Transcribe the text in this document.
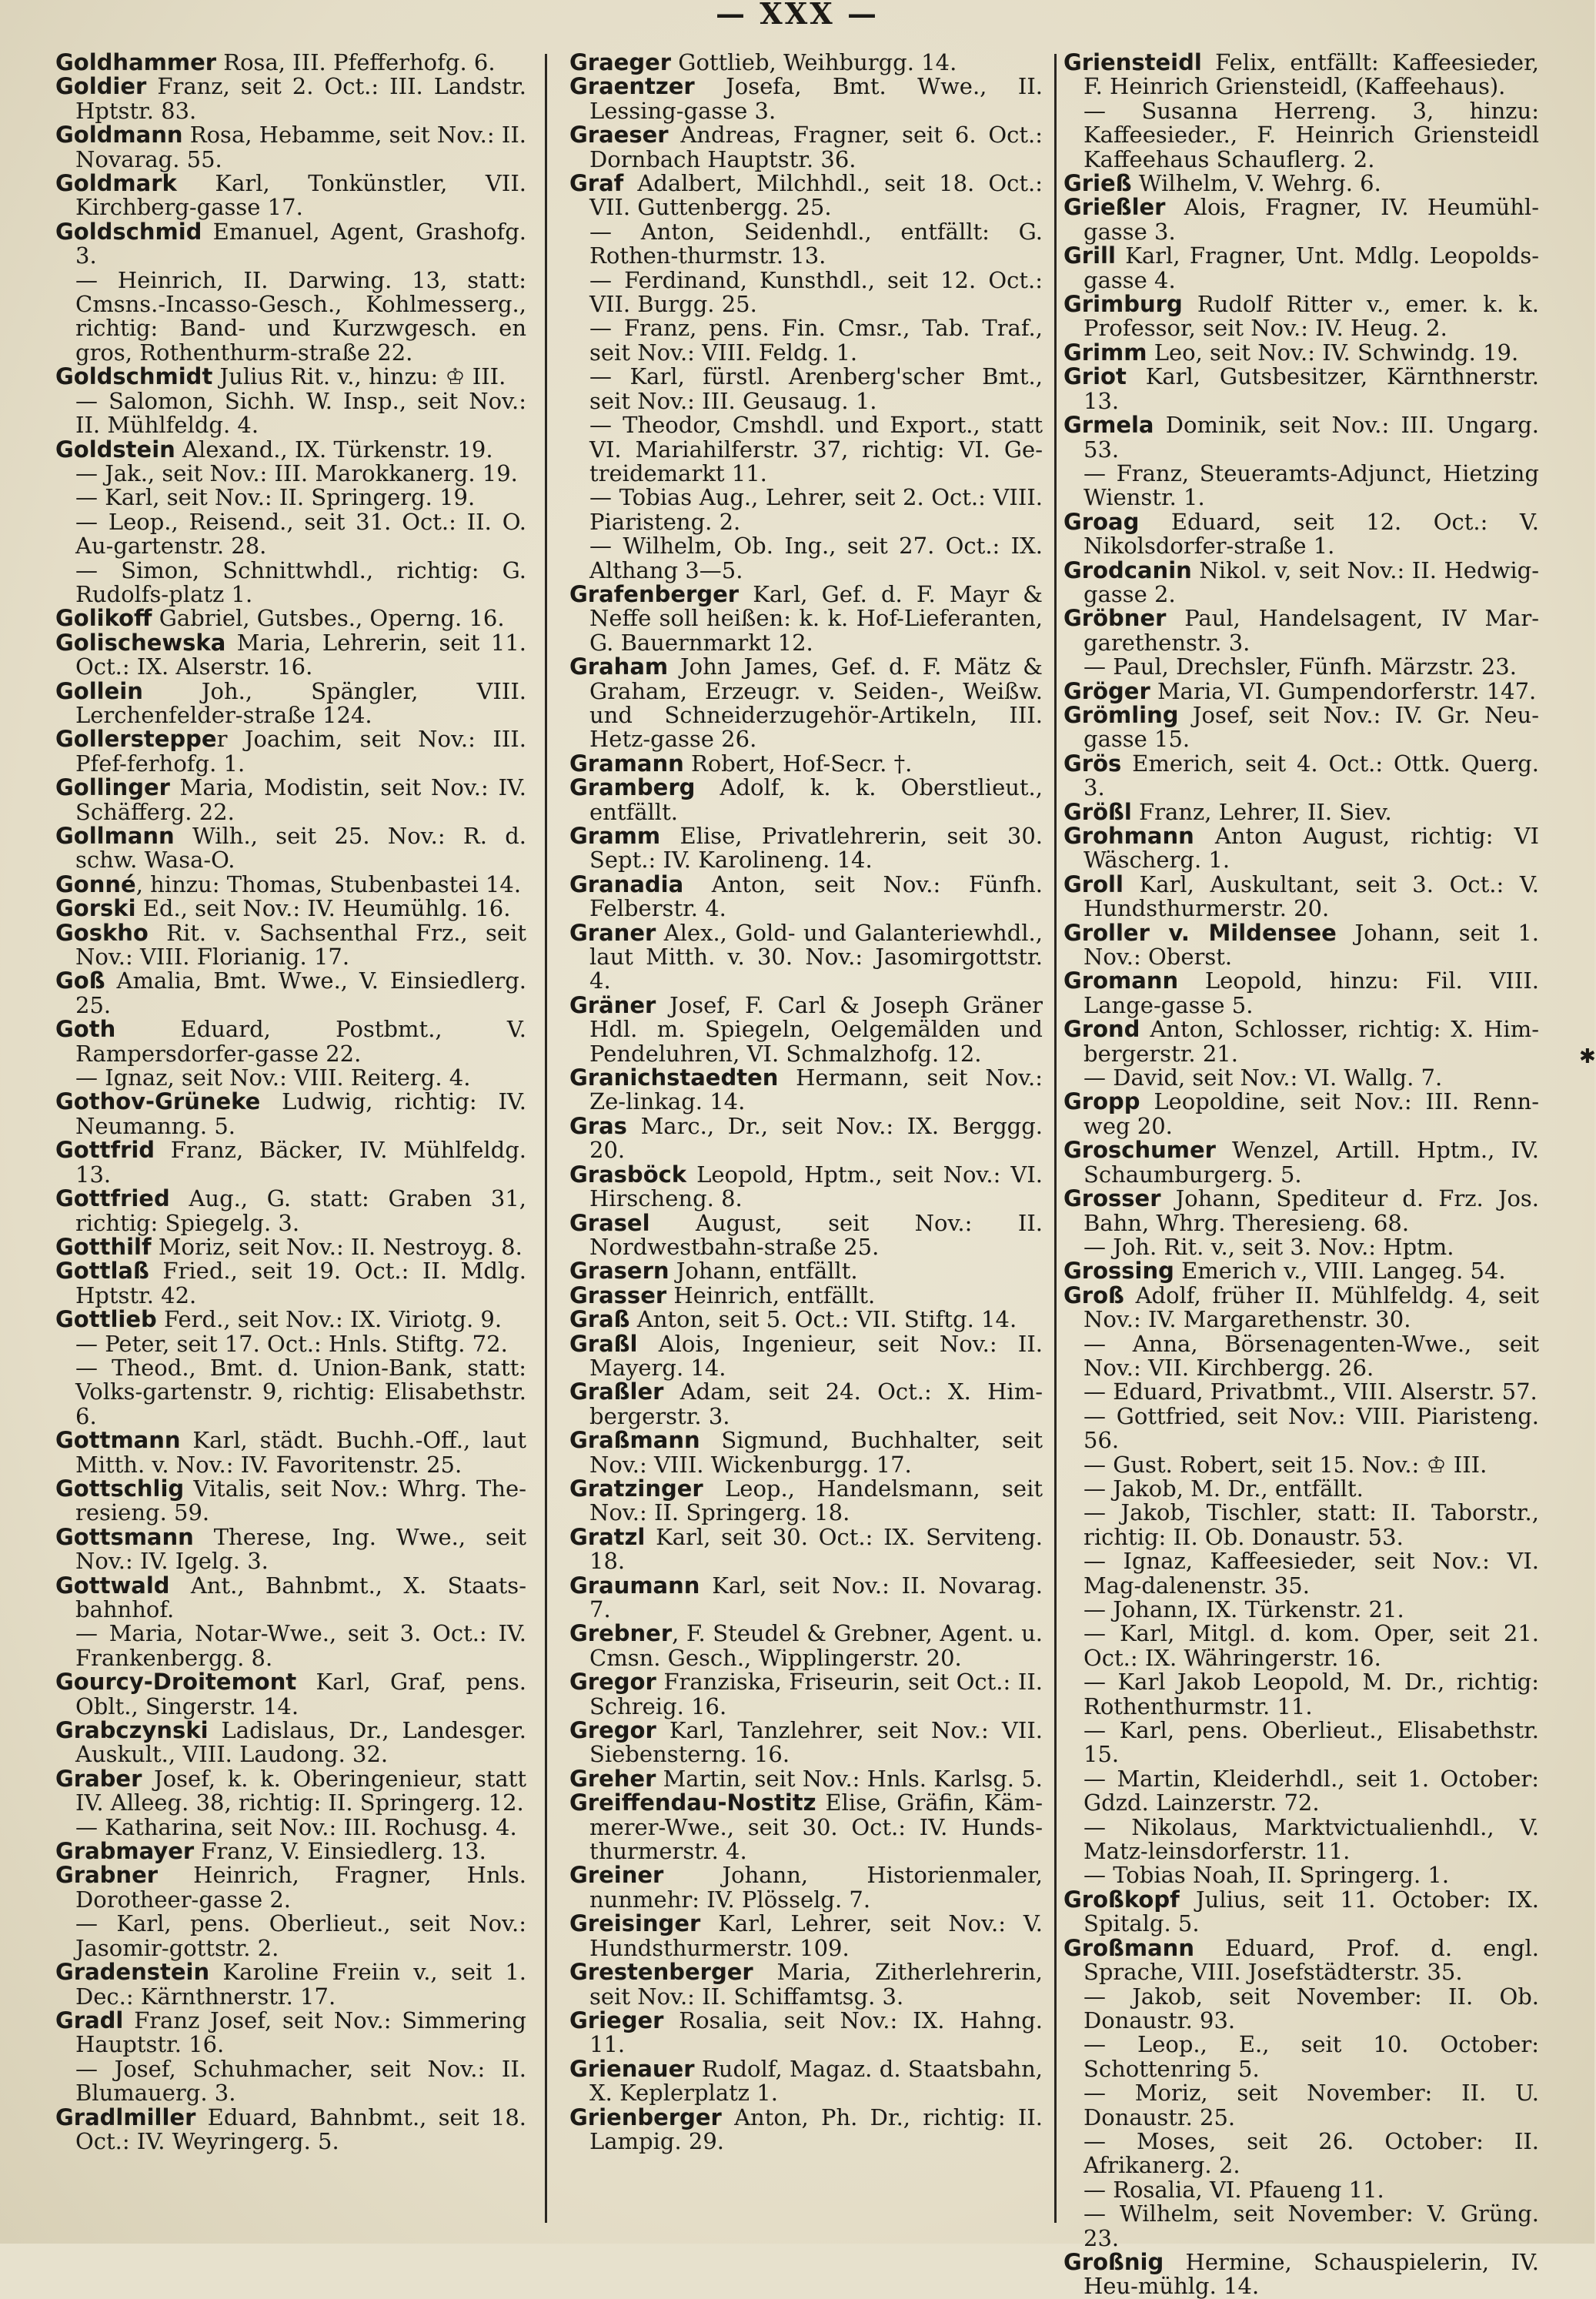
— XXX —

Goldhammer Rosa, III. Pfefferhofg. 6.

Goldier Franz, seit 2. Oct.: III. Landstr. Hptstr. 83.

Goldmann Rosa, Hebamme, seit Nov.: II. Novarag. 55.

Goldmark Karl, Tonkünstler, VII. Kirchberg-gasse 17.

Goldschmid Emanuel, Agent, Grashofg. 3.

— Heinrich, II. Darwing. 13, statt: Cmsns.-Incasso-Gesch., Kohlmesserg., richtig: Band- und Kurzwgesch. en gros, Rothenthurm-straße 22.

Goldschmidt Julius Rit. v., hinzu: ♔ III.

— Salomon, Sichh. W. Insp., seit Nov.: II. Mühlfeldg. 4.

Goldstein Alexand., IX. Türkenstr. 19.

— Jak., seit Nov.: III. Marokkanerg. 19.

— Karl, seit Nov.: II. Springerg. 19.

— Leop., Reisend., seit 31. Oct.: II. O. Au-gartenstr. 28.

— Simon, Schnittwhdl., richtig: G. Rudolfs-platz 1.

Golikoff Gabriel, Gutsbes., Operng. 16.

Golischewska Maria, Lehrerin, seit 11. Oct.: IX. Alserstr. 16.

Gollein Joh., Spängler, VIII. Lerchenfelder-straße 124.

Gollerstepper Joachim, seit Nov.: III. Pfef-ferhofg. 1.

Gollinger Maria, Modistin, seit Nov.: IV. Schäfferg. 22.

Gollmann Wilh., seit 25. Nov.: R. d. schw. Wasa-O.

Gonné, hinzu: Thomas, Stubenbastei 14.

Gorski Ed., seit Nov.: IV. Heumühlg. 16.

Goskho Rit. v. Sachsenthal Frz., seit Nov.: VIII. Florianig. 17.

Goß Amalia, Bmt. Wwe., V. Einsiedlerg. 25.

Goth Eduard, Postbmt., V. Rampersdorfer-gasse 22.

— Ignaz, seit Nov.: VIII. Reiterg. 4.

Gothov-Grüneke Ludwig, richtig: IV. Neumanng. 5.

Gottfrid Franz, Bäcker, IV. Mühlfeldg. 13.

Gottfried Aug., G. statt: Graben 31, richtig: Spiegelg. 3.

Gotthilf Moriz, seit Nov.: II. Nestroyg. 8.

Gottlaß Fried., seit 19. Oct.: II. Mdlg. Hptstr. 42.

Gottlieb Ferd., seit Nov.: IX. Viriotg. 9.

— Peter, seit 17. Oct.: Hnls. Stiftg. 72.

— Theod., Bmt. d. Union-Bank, statt: Volks-gartenstr. 9, richtig: Elisabethstr. 6.

Gottmann Karl, städt. Buchh.-Off., laut Mitth. v. Nov.: IV. Favoritenstr. 25.

Gottschlig Vitalis, seit Nov.: Whrg. The-resieng. 59.

Gottsmann Therese, Ing. Wwe., seit Nov.: IV. Igelg. 3.

Gottwald Ant., Bahnbmt., X. Staats-bahnhof.

— Maria, Notar-Wwe., seit 3. Oct.: IV. Frankenbergg. 8.

Gourcy-Droitemont Karl, Graf, pens. Oblt., Singerstr. 14.

Grabczynski Ladislaus, Dr., Landesger. Auskult., VIII. Laudong. 32.

Graber Josef, k. k. Oberingenieur, statt IV. Alleeg. 38, richtig: II. Springerg. 12.

— Katharina, seit Nov.: III. Rochusg. 4.

Grabmayer Franz, V. Einsiedlerg. 13.

Grabner Heinrich, Fragner, Hnls. Dorotheer-gasse 2.

— Karl, pens. Oberlieut., seit Nov.: Jasomir-gottstr. 2.

Gradenstein Karoline Freiin v., seit 1. Dec.: Kärnthnerstr. 17.

Gradl Franz Josef, seit Nov.: Simmering Hauptstr. 16.

— Josef, Schuhmacher, seit Nov.: II. Blumauerg. 3.

Gradlmiller Eduard, Bahnbmt., seit 18. Oct.: IV. Weyringerg. 5.

Graeger Gottlieb, Weihburgg. 14.

Graentzer Josefa, Bmt. Wwe., II. Lessing-gasse 3.

Graeser Andreas, Fragner, seit 6. Oct.: Dornbach Hauptstr. 36.

Graf Adalbert, Milchhdl., seit 18. Oct.: VII. Guttenbergg. 25.

— Anton, Seidenhdl., entfällt: G. Rothen-thurmstr. 13.

— Ferdinand, Kunsthdl., seit 12. Oct.: VII. Burgg. 25.

— Franz, pens. Fin. Cmsr., Tab. Traf., seit Nov.: VIII. Feldg. 1.

— Karl, fürstl. Arenberg'scher Bmt., seit Nov.: III. Geusaug. 1.

— Theodor, Cmshdl. und Export., statt VI. Mariahilferstr. 37, richtig: VI. Ge-treidemarkt 11.

— Tobias Aug., Lehrer, seit 2. Oct.: VIII. Piaristeng. 2.

— Wilhelm, Ob. Ing., seit 27. Oct.: IX. Althang 3—5.

Grafenberger Karl, Gef. d. F. Mayr & Neffe soll heißen: k. k. Hof-Lieferanten, G. Bauernmarkt 12.

Graham John James, Gef. d. F. Mätz & Graham, Erzeugr. v. Seiden-, Weißw. und Schneiderzugehör-Artikeln, III. Hetz-gasse 26.

Gramann Robert, Hof-Secr. †.

Gramberg Adolf, k. k. Oberstlieut., entfällt.

Gramm Elise, Privatlehrerin, seit 30. Sept.: IV. Karolineng. 14.

Granadia Anton, seit Nov.: Fünfh. Felberstr. 4.

Graner Alex., Gold- und Galanteriewhdl., laut Mitth. v. 30. Nov.: Jasomirgottstr. 4.

Gräner Josef, F. Carl & Joseph Gräner Hdl. m. Spiegeln, Oelgemälden und Pendeluhren, VI. Schmalzhofg. 12.

Granichstaedten Hermann, seit Nov.: Ze-linkag. 14.

Gras Marc., Dr., seit Nov.: IX. Berggg. 20.

Grasböck Leopold, Hptm., seit Nov.: VI. Hirscheng. 8.

Grasel August, seit Nov.: II. Nordwestbahn-straße 25.

Grasern Johann, entfällt.

Grasser Heinrich, entfällt.

Graß Anton, seit 5. Oct.: VII. Stiftg. 14.

Graßl Alois, Ingenieur, seit Nov.: II. Mayerg. 14.

Graßler Adam, seit 24. Oct.: X. Him-bergerstr. 3.

Graßmann Sigmund, Buchhalter, seit Nov.: VIII. Wickenburgg. 17.

Gratzinger Leop., Handelsmann, seit Nov.: II. Springerg. 18.

Gratzl Karl, seit 30. Oct.: IX. Serviteng. 18.

Graumann Karl, seit Nov.: II. Novarag. 7.

Grebner, F. Steudel & Grebner, Agent. u. Cmsn. Gesch., Wipplingerstr. 20.

Gregor Franziska, Friseurin, seit Oct.: II. Schreig. 16.

Gregor Karl, Tanzlehrer, seit Nov.: VII. Siebensterng. 16.

Greher Martin, seit Nov.: Hnls. Karlsg. 5.

Greiffendau-Nostitz Elise, Gräfin, Käm-merer-Wwe., seit 30. Oct.: IV. Hunds-thurmerstr. 4.

Greiner Johann, Historienmaler, nunmehr: IV. Plösselg. 7.

Greisinger Karl, Lehrer, seit Nov.: V. Hundsthurmerstr. 109.

Grestenberger Maria, Zitherlehrerin, seit Nov.: II. Schiffamtsg. 3.

Grieger Rosalia, seit Nov.: IX. Hahng. 11.

Grienauer Rudolf, Magaz. d. Staatsbahn, X. Keplerplatz 1.

Grienberger Anton, Ph. Dr., richtig: II. Lampig. 29.

Griensteidl Felix, entfällt: Kaffeesieder, F. Heinrich Griensteidl, (Kaffeehaus).

— Susanna Herreng. 3, hinzu: Kaffeesieder., F. Heinrich Griensteidl Kaffeehaus Schauflerg. 2.

Grieß Wilhelm, V. Wehrg. 6.

Grießler Alois, Fragner, IV. Heumühl-gasse 3.

Grill Karl, Fragner, Unt. Mdlg. Leopolds-gasse 4.

Grimburg Rudolf Ritter v., emer. k. k. Professor, seit Nov.: IV. Heug. 2.

Grimm Leo, seit Nov.: IV. Schwindg. 19.

Griot Karl, Gutsbesitzer, Kärnthnerstr. 13.

Grmela Dominik, seit Nov.: III. Ungarg. 53.

— Franz, Steueramts-Adjunct, Hietzing Wienstr. 1.

Groag Eduard, seit 12. Oct.: V. Nikolsdorfer-straße 1.

Grodcanin Nikol. v, seit Nov.: II. Hedwig-gasse 2.

Gröbner Paul, Handelsagent, IV Mar-garethenstr. 3.

— Paul, Drechsler, Fünfh. Märzstr. 23.

Gröger Maria, VI. Gumpendorferstr. 147.

Grömling Josef, seit Nov.: IV. Gr. Neu-gasse 15.

Grös Emerich, seit 4. Oct.: Ottk. Querg. 3.

Größl Franz, Lehrer, II. Siev.

Grohmann Anton August, richtig: VI Wäscherg. 1.

Groll Karl, Auskultant, seit 3. Oct.: V. Hundsthurmerstr. 20.

Groller v. Mildensee Johann, seit 1. Nov.: Oberst.

Gromann Leopold, hinzu: Fil. VIII. Lange-gasse 5.

Grond Anton, Schlosser, richtig: X. Him-bergerstr. 21.

— David, seit Nov.: VI. Wallg. 7.

Gropp Leopoldine, seit Nov.: III. Renn-weg 20.

Groschumer Wenzel, Artill. Hptm., IV. Schaumburgerg. 5.

Grosser Johann, Spediteur d. Frz. Jos. Bahn, Whrg. Theresieng. 68.

— Joh. Rit. v., seit 3. Nov.: Hptm.

Grossing Emerich v., VIII. Langeg. 54.

Groß Adolf, früher II. Mühlfeldg. 4, seit Nov.: IV. Margarethenstr. 30.

— Anna, Börsenagenten-Wwe., seit Nov.: VII. Kirchbergg. 26.

— Eduard, Privatbmt., VIII. Alserstr. 57.

— Gottfried, seit Nov.: VIII. Piaristeng. 56.

— Gust. Robert, seit 15. Nov.: ♔ III.

— Jakob, M. Dr., entfällt.

— Jakob, Tischler, statt: II. Taborstr., richtig: II. Ob. Donaustr. 53.

— Ignaz, Kaffeesieder, seit Nov.: VI. Mag-dalenenstr. 35.

— Johann, IX. Türkenstr. 21.

— Karl, Mitgl. d. kom. Oper, seit 21. Oct.: IX. Währingerstr. 16.

— Karl Jakob Leopold, M. Dr., richtig: Rothenthurmstr. 11.

— Karl, pens. Oberlieut., Elisabethstr. 15.

— Martin, Kleiderhdl., seit 1. October: Gdzd. Lainzerstr. 72.

— Nikolaus, Marktvictualienhdl., V. Matz-leinsdorferstr. 11.

— Tobias Noah, II. Springerg. 1.

Großkopf Julius, seit 11. October: IX. Spitalg. 5.

Großmann Eduard, Prof. d. engl. Sprache, VIII. Josefstädterstr. 35.

— Jakob, seit November: II. Ob. Donaustr. 93.

— Leop., E., seit 10. October: Schottenring 5.

— Moriz, seit November: II. U. Donaustr. 25.

— Moses, seit 26. October: II. Afrikanerg. 2.

— Rosalia, VI. Pfaueng 11.

— Wilhelm, seit November: V. Grüng. 23.

Großnig Hermine, Schauspielerin, IV. Heu-mühlg. 14.

✱
